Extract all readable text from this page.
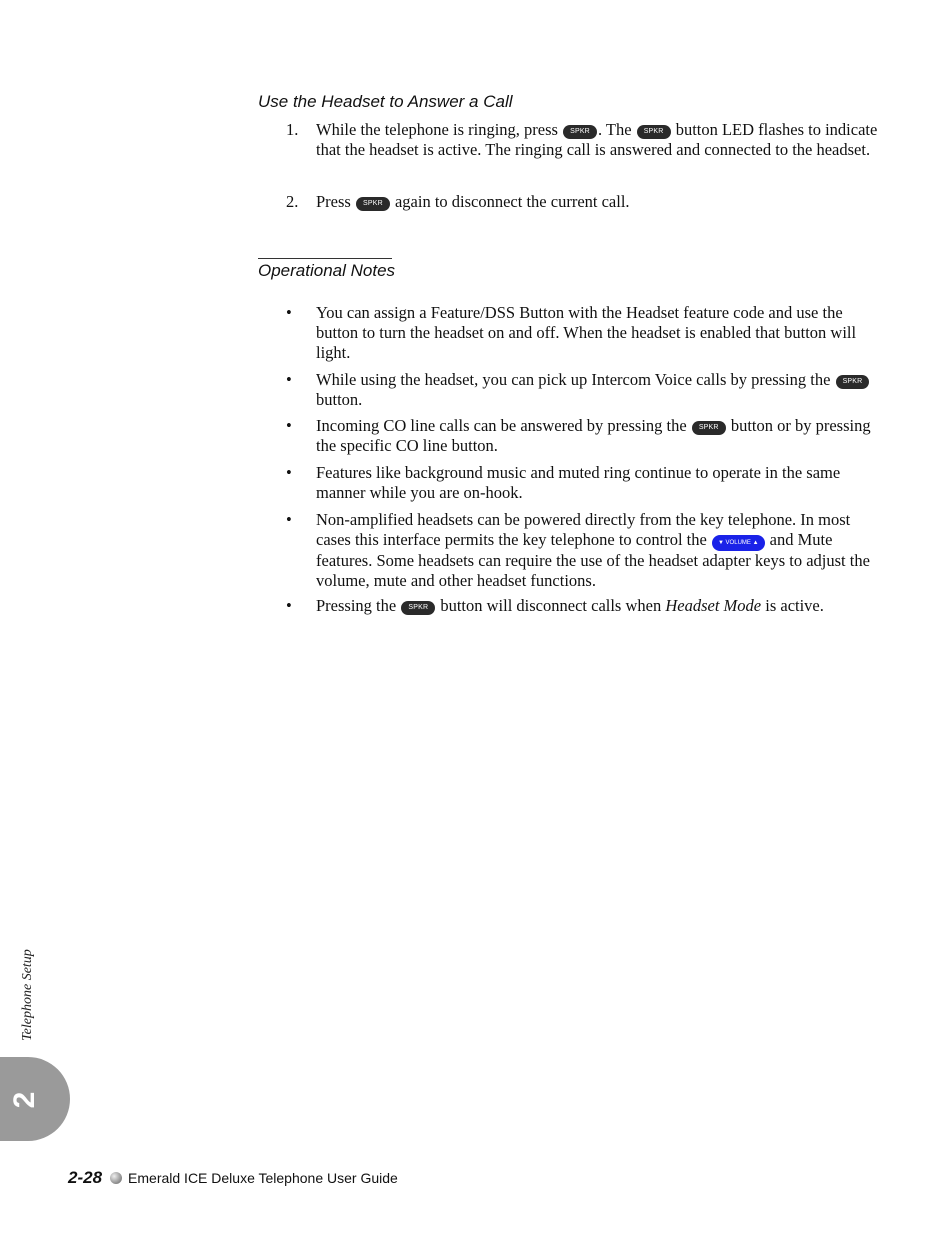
Use the Headset to Answer a Call
1. While the telephone is ringing, press SPKR . The SPKR button LED flashes to indicate that the headset is active. The ringing call is answered and connected to the headset.
2. Press SPKR again to disconnect the current call.
Operational Notes
• You can assign a Feature/DSS Button with the Headset feature code and use the button to turn the headset on and off. When the headset is enabled that button will light.
• While using the headset, you can pick up Intercom Voice calls by pressing the SPKR button.
• Incoming CO line calls can be answered by pressing the SPKR button or by pressing the specific CO line button.
• Features like background music and muted ring continue to operate in the same manner while you are on-hook.
• Non-amplified headsets can be powered directly from the key telephone. In most cases this interface permits the key telephone to control the ▼ VOLUME ▲ and Mute features. Some headsets can require the use of the headset adapter keys to adjust the volume, mute and other headset functions.
• Pressing the SPKR button will disconnect calls when Headset Mode is active.
Telephone Setup
2
2-28 Emerald ICE Deluxe Telephone User Guide
